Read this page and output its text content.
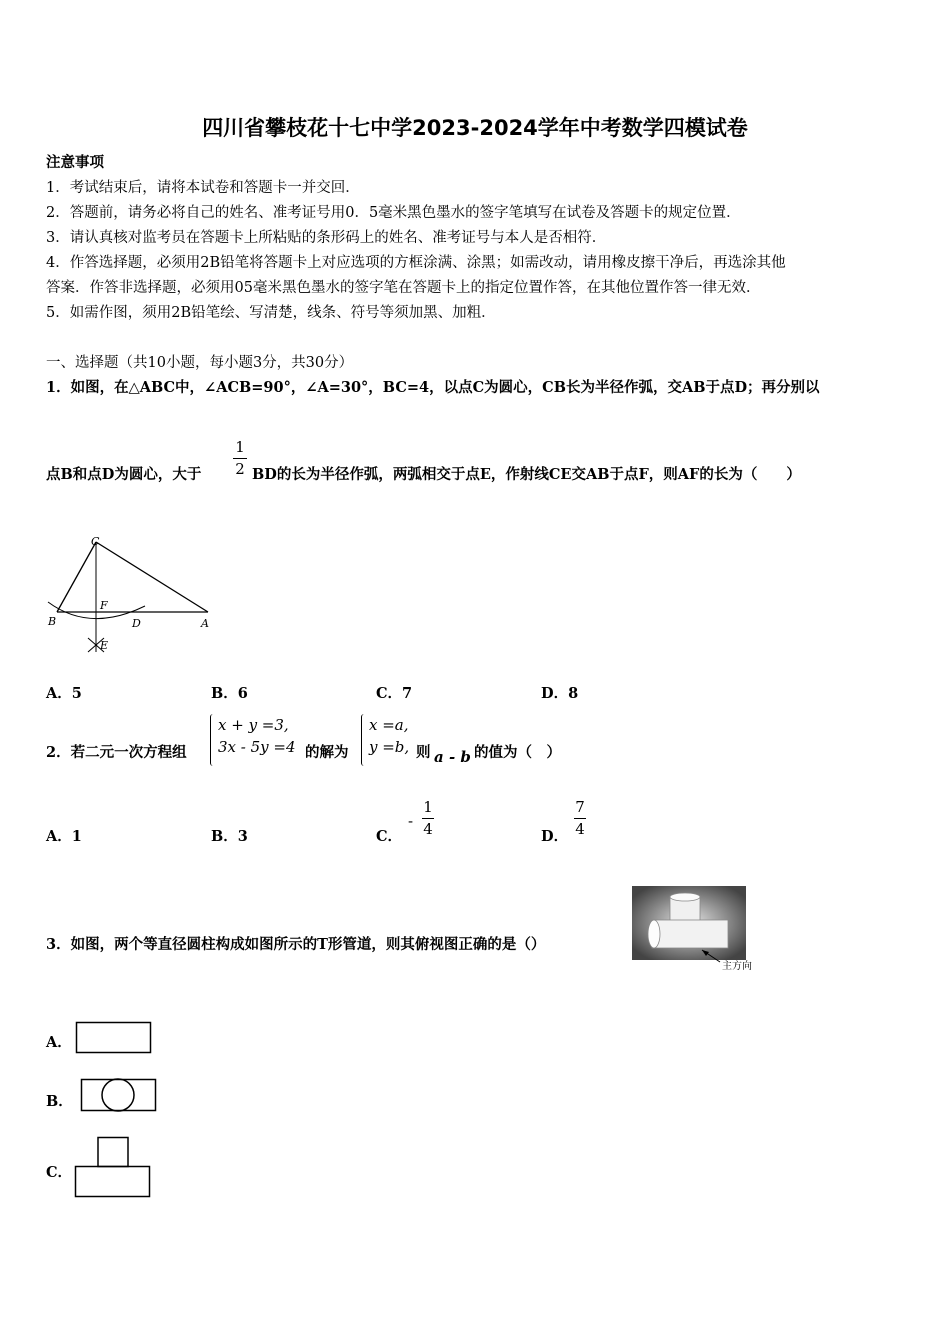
四川省攀枝花十七中学2023-2024学年中考数学四模试卷
注意事项
1．考试结束后，请将本试卷和答题卡一并交回．
2．答题前，请务必将自己的姓名、准考证号用0．5毫米黑色墨水的签字笔填写在试卷及答题卡的规定位置．
3．请认真核对监考员在答题卡上所粘贴的条形码上的姓名、准考证号与本人是否相符．
4．作答选择题，必须用2B铅笔将答题卡上对应选项的方框涂满、涂黑；如需改动，请用橡皮擦干净后，再选涂其他
答案．作答非选择题，必须用05毫米黑色墨水的签字笔在答题卡上的指定位置作答，在其他位置作答一律无效．
5．如需作图，须用2B铅笔绘、写清楚，线条、符号等须加黑、加粗．
一、选择题（共10小题，每小题3分，共30分）
1．如图，在△ABC中，∠ACB=90°，∠A=30°，BC=4，以点C为圆心，CB长为半径作弧，交AB于点D；再分别以
点B和点D为圆心，大于
1
2 BD的长为半径作弧，两弧相交于点E，作射线CE交AB于点F，则AF的长为（　　）
C
F
B	D	A
E
A．5	B．6	C．7	D．8
2．若二元一次方程组
x + y =3,
3x - 5y =4 的解为
x =a,
y =b, 则 a - b 的值为（　）
A．1	B．3	C．
-
1
4	D．
7
4
3．如图，两个等直径圆柱构成如图所示的T形管道，则其俯视图正确的是（）
主方向
A．
B．
C．
